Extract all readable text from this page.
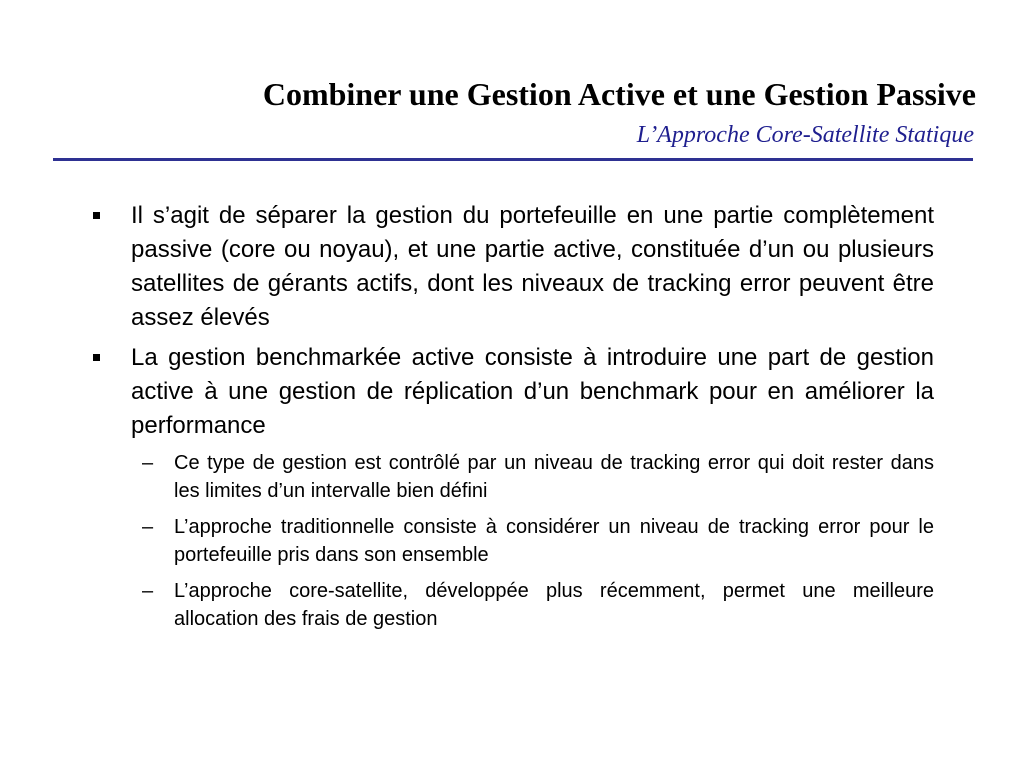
Combiner une Gestion Active et une Gestion Passive
L’Approche Core-Satellite Statique
Il s’agit de séparer la gestion du portefeuille en une partie complètement passive (core ou noyau), et une partie active, constituée d’un ou plusieurs satellites de gérants actifs, dont les niveaux de tracking error peuvent être assez élevés
La gestion benchmarkée active consiste à introduire une part de gestion active à une gestion de réplication d’un benchmark pour en améliorer la performance
– Ce type de gestion est contrôlé par un niveau de tracking error qui doit rester dans les limites d’un intervalle bien défini
– L’approche traditionnelle consiste à considérer un niveau de tracking error pour le portefeuille pris dans son ensemble
– L’approche core-satellite, développée plus récemment, permet une meilleure allocation des frais de gestion
